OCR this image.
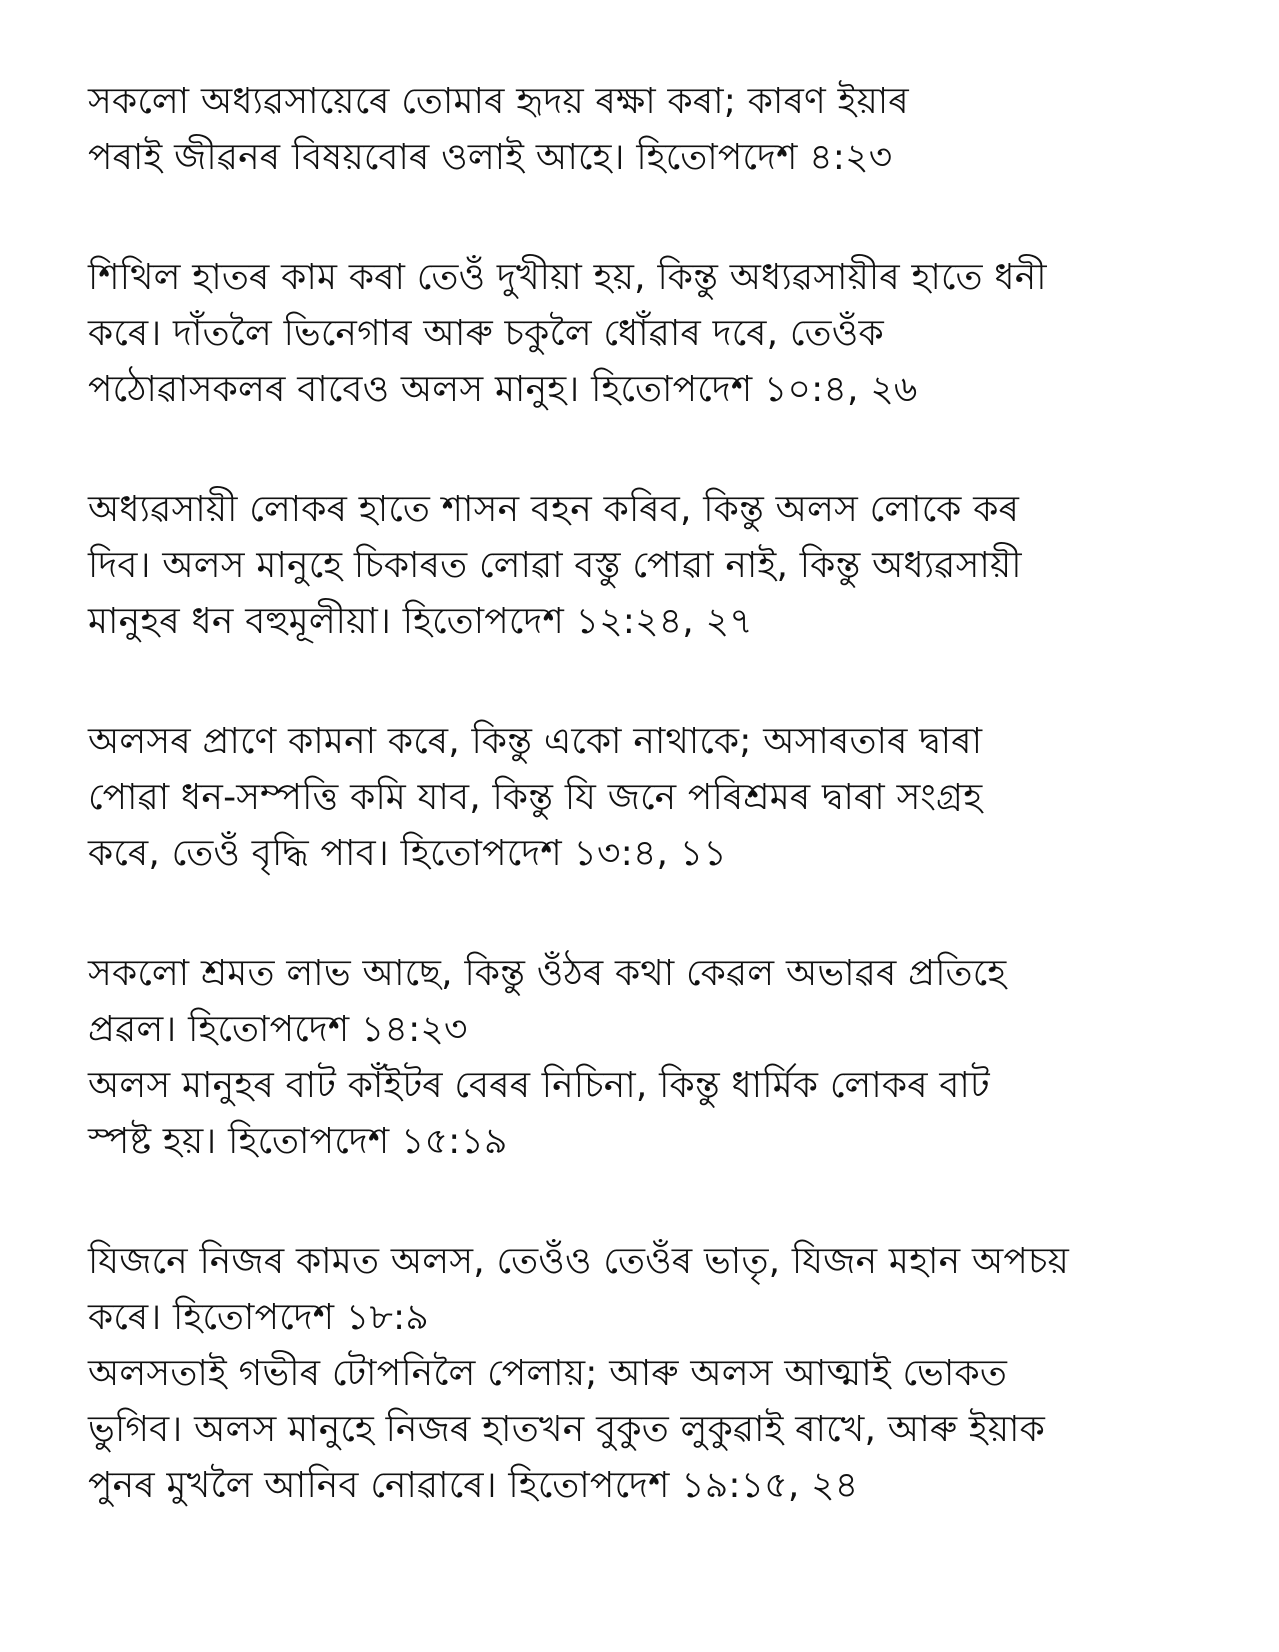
সকলো অধ্যৱসায়েৰে তোমাৰ হৃদয় ৰক্ষা কৰা; কাৰণ ইয়াৰ
পৰাই জীৱনৰ বিষয়বোৰ ওলাই আহে। হিতোপদেশ ৪:২৩
শিথিল হাতৰ কাম কৰা তেওঁ দুখীয়া হয়, কিন্তু অধ্যৱসায়ীৰ হাতে ধনী
কৰে। দাঁতলৈ ভিনেগাৰ আৰু চকুলৈ ধোঁৱাৰ দৰে, তেওঁক
পঠোৱাসকলৰ বাবেও অলস মানুহ। হিতোপদেশ ১০:৪, ২৬
অধ্যৱসায়ী লোকৰ হাতে শাসন বহন কৰিব, কিন্তু অলস লোকে কৰ
দিব। অলস মানুহে চিকাৰত লোৱা বস্তু পোৱা নাই, কিন্তু অধ্যৱসায়ী
মানুহৰ ধন বহুমূলীয়া। হিতোপদেশ ১২:২৪, ২৭
অলসৰ প্ৰাণে কামনা কৰে, কিন্তু একো নাথাকে; অসাৰতাৰ দ্বাৰা
পোৱা ধন-সম্পত্তি কমি যাব, কিন্তু যি জনে পৰিশ্ৰমৰ দ্বাৰা সংগ্ৰহ
কৰে, তেওঁ বৃদ্ধি পাব। হিতোপদেশ ১৩:৪, ১১
সকলো শ্ৰমত লাভ আছে, কিন্তু ওঁঠৰ কথা কেৱল অভাৱৰ প্ৰতিহে
প্ৰৱল। হিতোপদেশ ১৪:২৩
অলস মানুহৰ বাট কাঁইটৰ বেৰৰ নিচিনা, কিন্তু ধাৰ্মিক লোকৰ বাট
স্পষ্ট হয়। হিতোপদেশ ১৫:১৯
যিজনে নিজৰ কামত অলস, তেওঁও তেওঁৰ ভাতৃ, যিজন মহান অপচয়
কৰে। হিতোপদেশ ১৮:৯
অলসতাই গভীৰ টোপনিলৈ পেলায়; আৰু অলস আত্মাই ভোকত
ভুগিব। অলস মানুহে নিজৰ হাতখন বুকুত লুকুৱাই ৰাখে, আৰু ইয়াক
পুনৰ মুখলৈ আনিব নোৱাৰে। হিতোপদেশ ১৯:১৫, ২৪
